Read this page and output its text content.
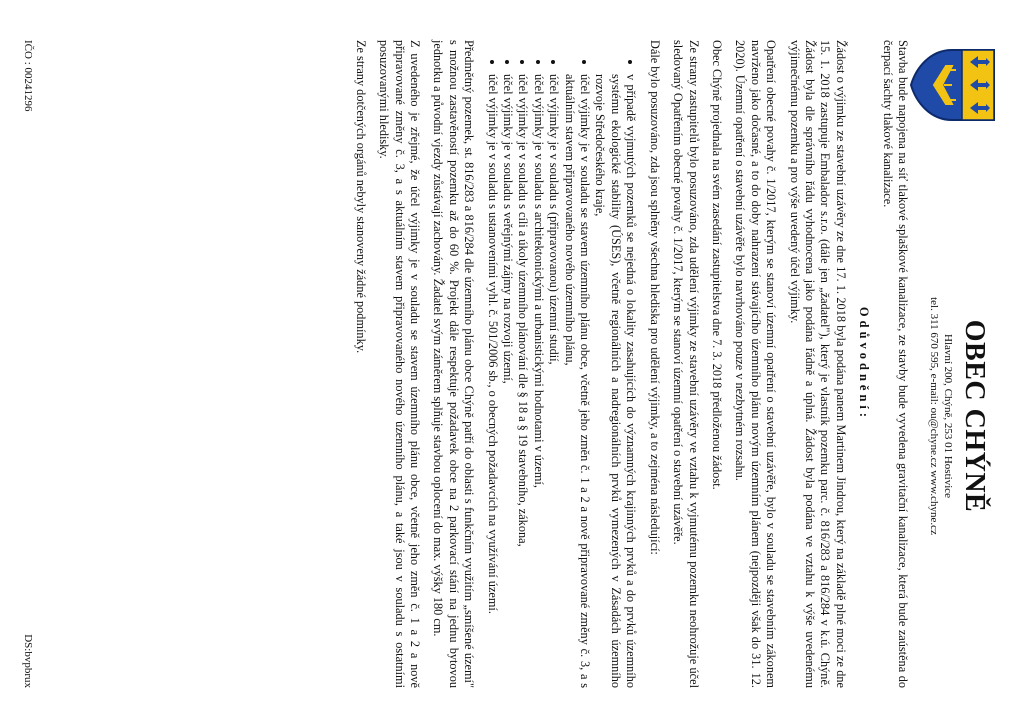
OBEC CHÝNĚ
Hlavní 200, Chýně, 253 01 Hostivice
tel. 311 670 595, e-mail: ou@chyne.cz www.chyne.cz

Stavba bude napojena na síť tlakové splaškové kanalizace, ze stavby bude vyvedena gravitační kanalizace, která bude zaústěna do čerpací šachty tlakové kanalizace.

Odůvodnění:

Žádost o výjimku ze stavební uzávěry ze dne 17. 1. 2018 byla podána panem Martinem Jindrou, který na základě plné moci ze dne 15. 1. 2018 zastupuje Embalador s.r.o. (dále jen „žadatel"), který je vlastník pozemku parc. č. 816/283 a 816/284 v k.ú. Chýně. Žádost byla dle správního řádu vyhodnocena jako podána řádně a úplná. Žádost byla podána ve vztahu k výše uvedenému výjimečnému pozemku a pro výše uvedený účel výjimky.

Opatření obecné povahy č. 1/2017, kterým se stanoví územní opatření o stavební uzávěře, bylo v souladu se stavebním zákonem navrženo jako dočasné, a to do doby nahrazení stávajícího územního plánu novým územním plánem (nejpozději však do 31. 12. 2020). Územní opatření o stavební uzávěře bylo navrhováno pouze v nezbytném rozsahu.

Obec Chýně projednala na svém zasedání zastupitelstva dne 7. 3. 2018 předloženou žádost.

Ze strany zastupitelů bylo posuzováno, zda udělení výjimky ze stavební uzávěry ve vztahu k vyjmutému pozemku neohrožuje účel sledovaný Opatřením obecné povahy č. 1/2017, kterým se stanoví územní opatření o stavební uzávěře.

Dále bylo posuzováno, zda jsou splněny všechna hlediska pro udělení výjimky, a to zejména následující:

• v případě vyjmutých pozemků se nejedná o lokality zasahujících do významných krajinných prvků a do prvků územního systému ekologické stability (ÚSES), včetně regionálních a nadregionálních prvků vymezených v Zásadách územního rozvoje Středočeského kraje,
• účel výjimky je v souladu se stavem územního plánu obce, včetně jeho změn č. 1 a 2 a nově připravované změny č. 3, a s aktuálním stavem připravovaného nového územního plánu,
• účel výjimky je v souladu s (připravovanou) územní studií,
• účel výjimky je v souladu s architektonickými a urbanistickými hodnotami v území,
• účel výjimky je v souladu s cíli a úkoly územního plánování dle § 18 a § 19 stavebního, zákona,
• účel výjimky je v souladu s veřejnými zájmy na rozvoji území,
• účel výjimky je v souladu s ustanoveními vyhl. č. 501/2006 sb., o obecných požadavcích na využívání území.

Předmětný pozemek, st. 816/283 a 816/284 dle územního plánu obce Chýně patří do oblasti s funkčním využitím „smíšené území" s možnou zastavěností pozemku až do 60 %. Projekt dále respektuje požadavek obce na 2 parkovací stání na jednu bytovou jednotku a původní vjezdy zůstávají zachovány. Žadatel svým záměrem splňuje stavbou oplocení do max. výšky 180 cm.

Z uvedeného je zřejmé, že účel výjimky je v souladu se stavem územního plánu obce, včetně jeho změn č. 1 a 2 a nově připravované změny č. 3, a s aktuálním stavem připravovaného nového územního plánu, a také jsou v souladu s ostatními posuzovanými hledisky.

Ze strany dotčených orgánů nebyly stanoveny žádné podmínky.

IČO : 00241296
DS:bvpbrux
